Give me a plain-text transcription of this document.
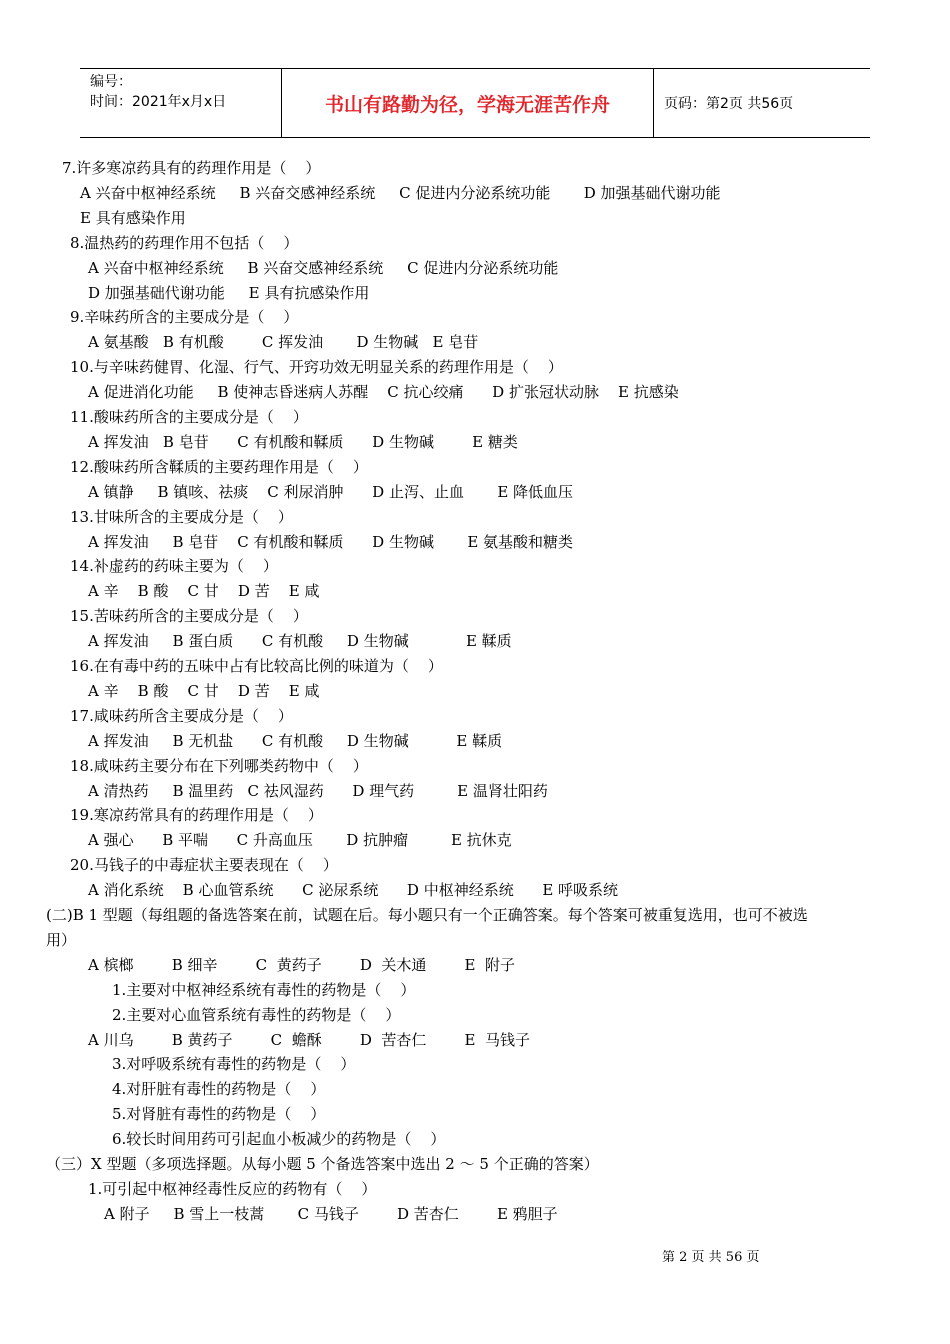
编号：
时间：2021年x月x日	书山有路勤为径，学海无涯苦作舟	页码：第2页 共56页
7.许多寒凉药具有的药理作用是（    ）
A 兴奋中枢神经系统     B 兴奋交感神经系统     C 促进内分泌系统功能       D 加强基础代谢功能
E 具有感染作用
8.温热药的药理作用不包括（    ）
A 兴奋中枢神经系统     B 兴奋交感神经系统     C 促进内分泌系统功能
D 加强基础代谢功能     E 具有抗感染作用
9.辛味药所含的主要成分是（    ）
A 氨基酸   B 有机酸        C 挥发油       D 生物碱   E 皂苷
10.与辛味药健胃、化湿、行气、开窍功效无明显关系的药理作用是（    ）
A 促进消化功能     B 使神志昏迷病人苏醒    C 抗心绞痛      D 扩张冠状动脉    E 抗感染
11.酸味药所含的主要成分是（    ）
A 挥发油   B 皂苷      C 有机酸和鞣质      D 生物碱        E 糖类
12.酸味药所含鞣质的主要药理作用是（    ）
A 镇静     B 镇咳、祛痰    C 利尿消肿      D 止泻、止血       E 降低血压
13.甘味所含的主要成分是（    ）
A 挥发油     B 皂苷    C 有机酸和鞣质      D 生物碱       E 氨基酸和糖类
14.补虚药的药味主要为（    ）
A 辛    B 酸    C 甘    D 苦    E 咸
15.苦味药所含的主要成分是（    ）
A 挥发油     B 蛋白质      C 有机酸     D 生物碱            E 鞣质
16.在有毒中药的五味中占有比较高比例的味道为（    ）
A 辛    B 酸    C 甘    D 苦    E 咸
17.咸味药所含主要成分是（    ）
A 挥发油     B 无机盐      C 有机酸     D 生物碱          E 鞣质
18.咸味药主要分布在下列哪类药物中（    ）
A 清热药     B 温里药   C 祛风湿药      D 理气药         E 温肾壮阳药
19.寒凉药常具有的药理作用是（    ）
A 强心      B 平喘      C 升高血压       D 抗肿瘤         E 抗休克
20.马钱子的中毒症状主要表现在（    ）
A 消化系统    B 心血管系统      C 泌尿系统      D 中枢神经系统      E 呼吸系统
(二)B 1 型题（每组题的备选答案在前，试题在后。每小题只有一个正确答案。每个答案可被重复选用，也可不被选
用）
A 槟榔        B 细辛        C  黄药子        D  关木通        E  附子
1.主要对中枢神经系统有毒性的药物是（    ）
2.主要对心血管系统有毒性的药物是（    ）
A 川乌        B 黄药子        C  蟾酥        D  苦杏仁        E  马钱子
3.对呼吸系统有毒性的药物是（    ）
4.对肝脏有毒性的药物是（    ）
5.对肾脏有毒性的药物是（    ）
6.较长时间用药可引起血小板减少的药物是（    ）
（三）X 型题（多项选择题。从每小题 5 个备选答案中选出 2 ～ 5 个正确的答案）
1.可引起中枢神经毒性反应的药物有（    ）
A 附子     B 雪上一枝蒿       C 马钱子        D 苦杏仁        E 鸦胆子
第 2 页 共 56 页
